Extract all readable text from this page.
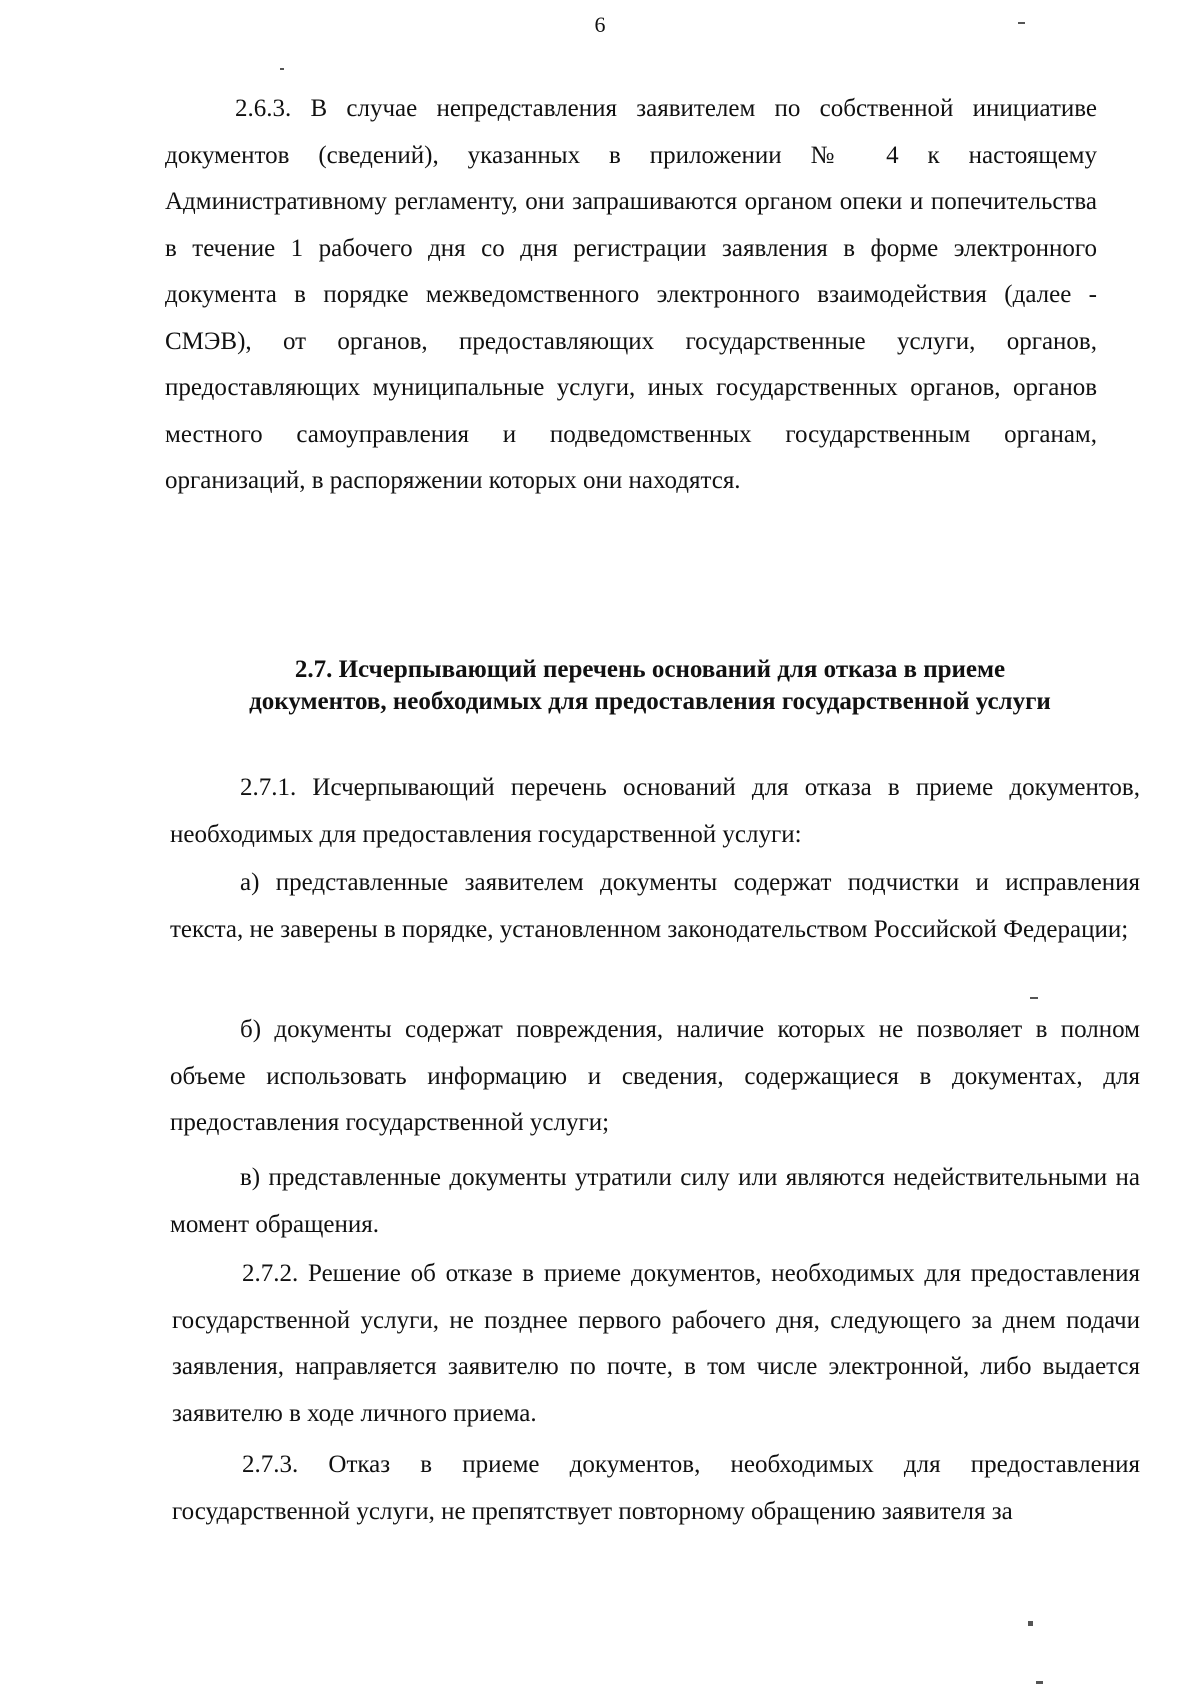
6

2.6.3. В случае непредставления заявителем по собственной инициативе документов (сведений), указанных в приложении № 4 к настоящему Административному регламенту, они запрашиваются органом опеки и попечительства в течение 1 рабочего дня со дня регистрации заявления в форме электронного документа в порядке межведомственного электронного взаимодействия (далее - СМЭВ), от органов, предоставляющих государственные услуги, органов, предоставляющих муниципальные услуги, иных государственных органов, органов местного самоуправления и подведомственных государственным органам, организаций, в распоряжении которых они находятся.

2.7. Исчерпывающий перечень оснований для отказа в приеме
документов, необходимых для предоставления государственной услуги

2.7.1. Исчерпывающий перечень оснований для отказа в приеме документов, необходимых для предоставления государственной услуги:

а) представленные заявителем документы содержат подчистки и исправления текста, не заверены в порядке, установленном законодательством Российской Федерации;

б) документы содержат повреждения, наличие которых не позволяет в полном объеме использовать информацию и сведения, содержащиеся в документах, для предоставления государственной услуги;

в) представленные документы утратили силу или являются недействительными на момент обращения.

2.7.2. Решение об отказе в приеме документов, необходимых для предоставления государственной услуги, не позднее первого рабочего дня, следующего за днем подачи заявления, направляется заявителю по почте, в том числе электронной, либо выдается заявителю в ходе личного приема.

2.7.3. Отказ в приеме документов, необходимых для предоставления государственной услуги, не препятствует повторному обращению заявителя за
